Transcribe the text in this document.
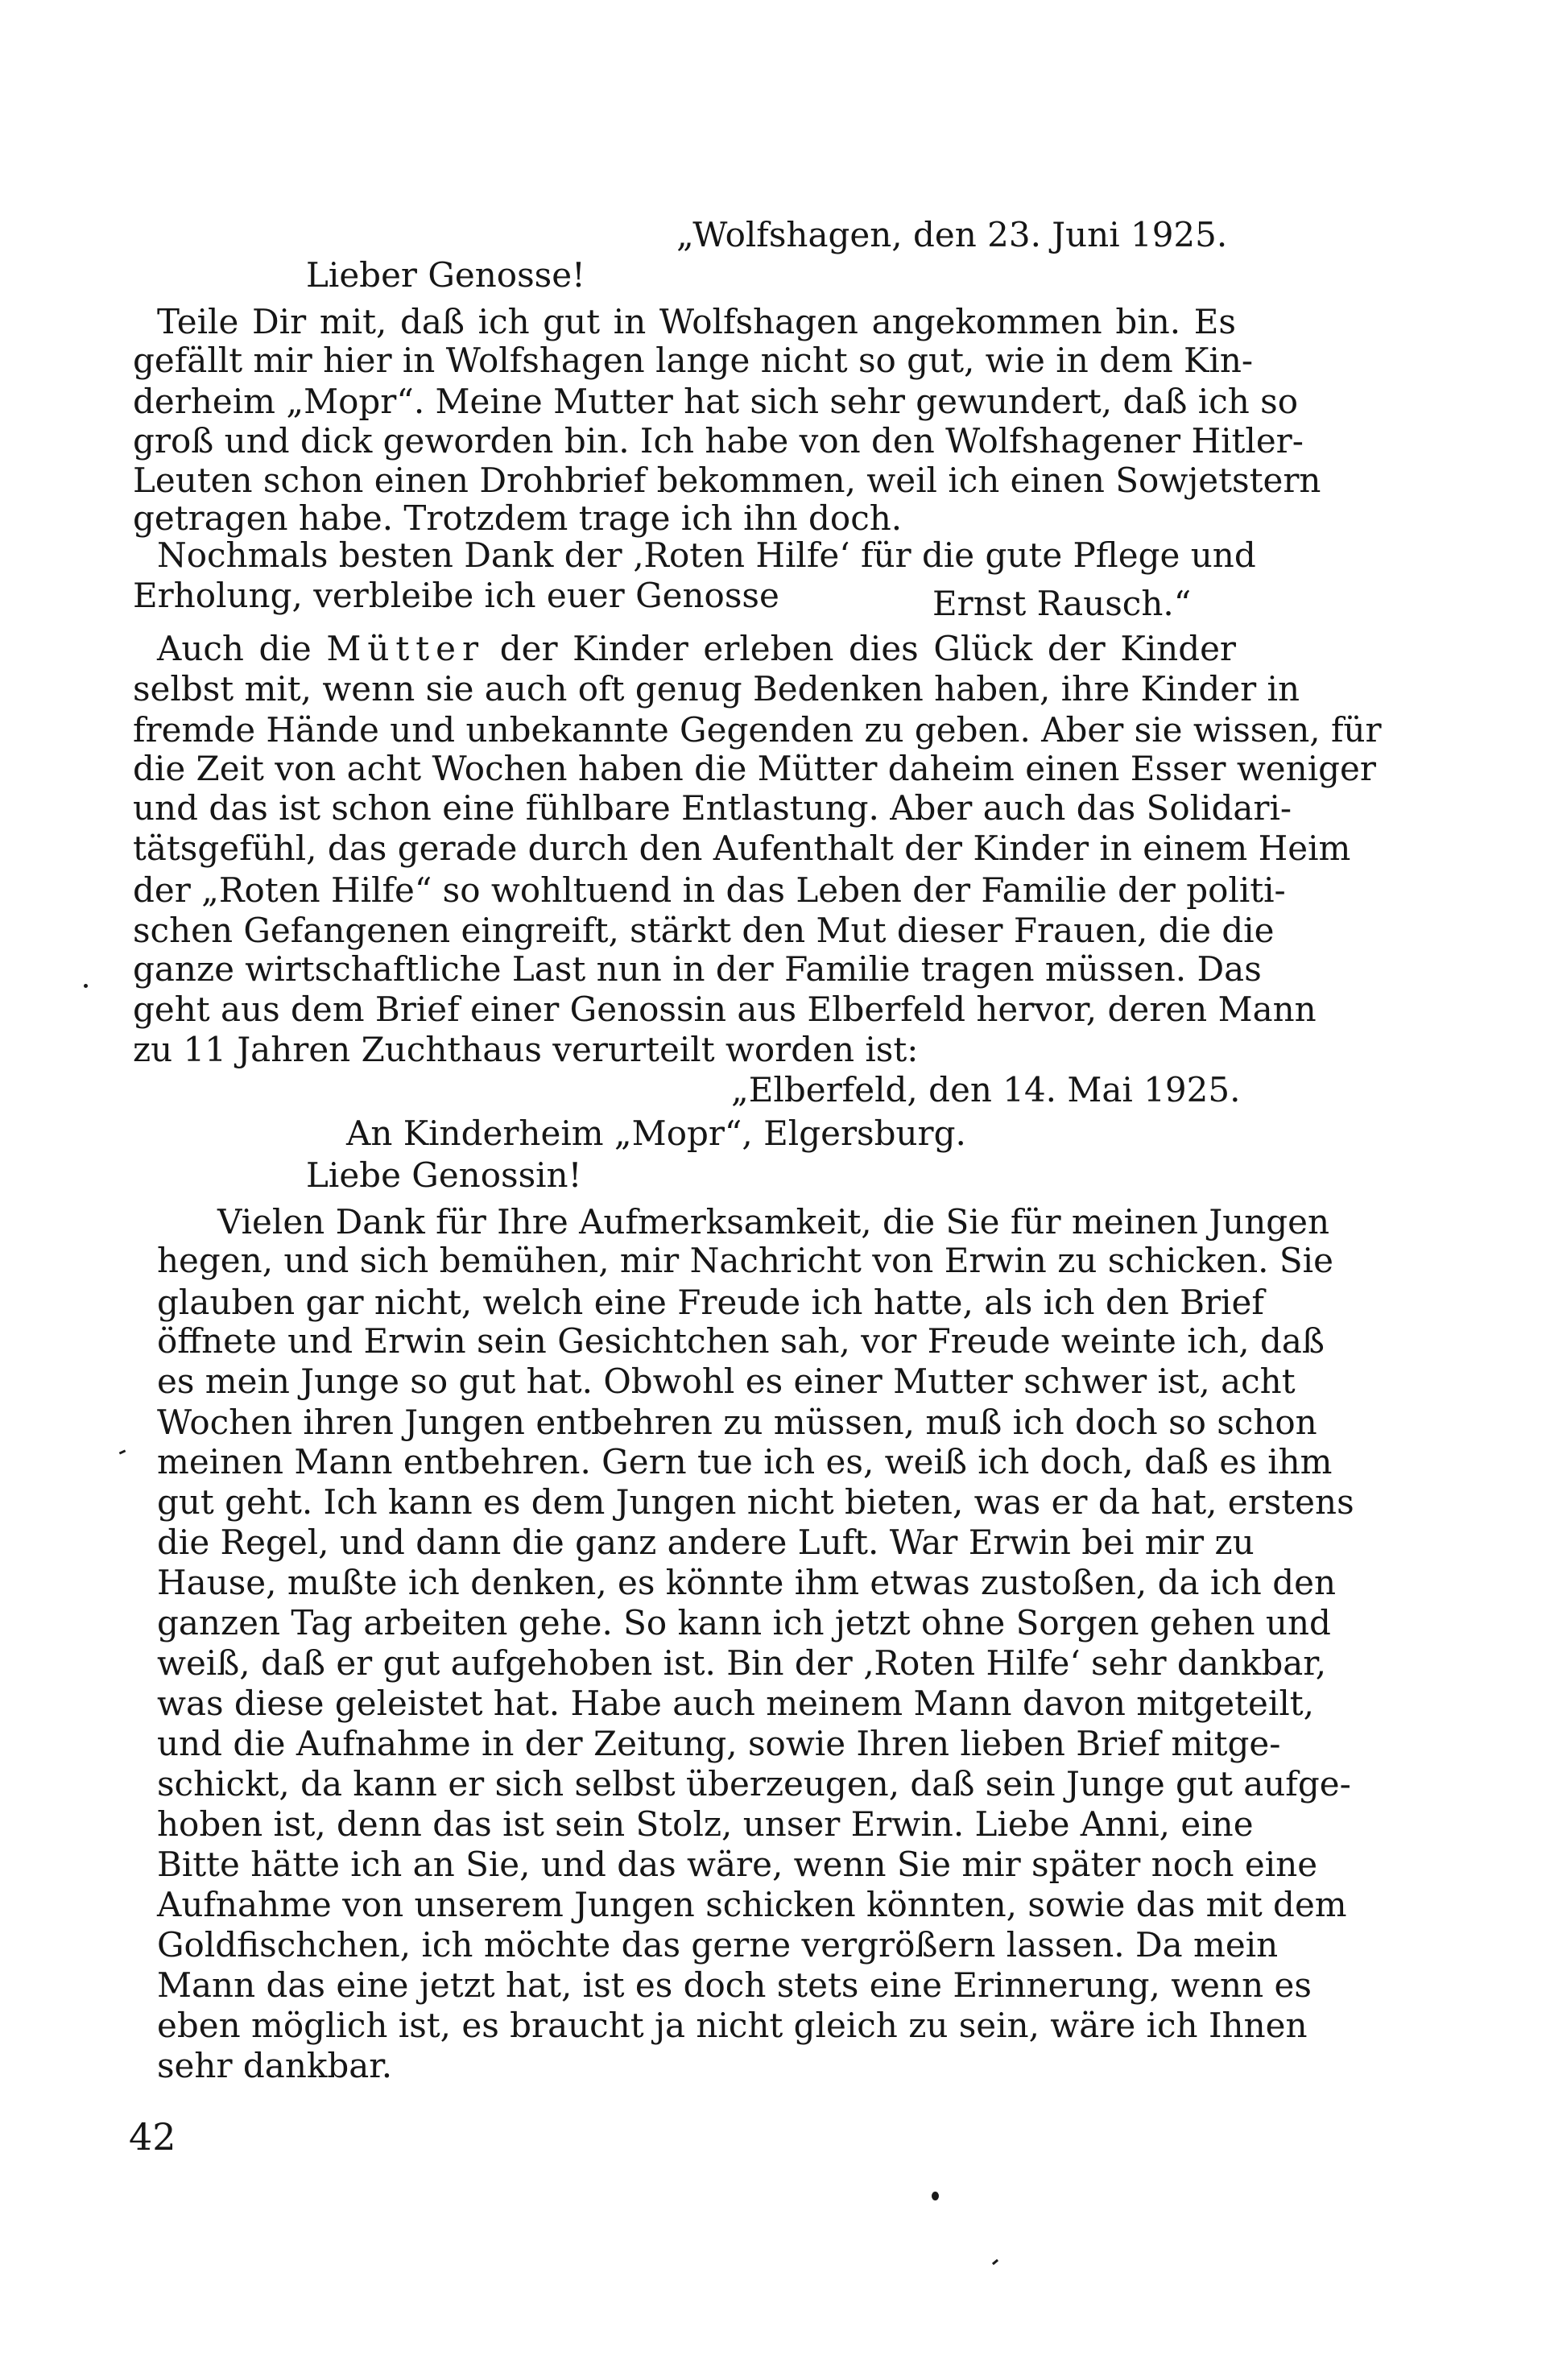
„Wolfshagen, den 23. Juni 1925.

Lieber Genosse!

Teile Dir mit, daß ich gut in Wolfshagen angekommen bin. Es

gefällt mir hier in Wolfshagen lange nicht so gut, wie in dem Kin-

derheim „Mopr“. Meine Mutter hat sich sehr gewundert, daß ich so

groß und dick geworden bin. Ich habe von den Wolfshagener Hitler-

Leuten schon einen Drohbrief bekommen, weil ich einen Sowjetstern

getragen habe. Trotzdem trage ich ihn doch.

Nochmals besten Dank der ‚Roten Hilfe‘ für die gute Pflege und

Erholung, verbleibe ich euer Genosse	Ernst Rausch.“

Auch die Mütter der Kinder erleben dies Glück der Kinder

selbst mit, wenn sie auch oft genug Bedenken haben, ihre Kinder in

fremde Hände und unbekannte Gegenden zu geben. Aber sie wissen, für

die Zeit von acht Wochen haben die Mütter daheim einen Esser weniger

und das ist schon eine fühlbare Entlastung. Aber auch das Solidari-

tätsgefühl, das gerade durch den Aufenthalt der Kinder in einem Heim

der „Roten Hilfe“ so wohltuend in das Leben der Familie der politi-

schen Gefangenen eingreift, stärkt den Mut dieser Frauen, die die

ganze wirtschaftliche Last nun in der Familie tragen müssen. Das

geht aus dem Brief einer Genossin aus Elberfeld hervor, deren Mann

zu 11 Jahren Zuchthaus verurteilt worden ist:

„Elberfeld, den 14. Mai 1925.

An Kinderheim „Mopr“, Elgersburg.

Liebe Genossin!

Vielen Dank für Ihre Aufmerksamkeit, die Sie für meinen Jungen

hegen, und sich bemühen, mir Nachricht von Erwin zu schicken. Sie

glauben gar nicht, welch eine Freude ich hatte, als ich den Brief

öffnete und Erwin sein Gesichtchen sah, vor Freude weinte ich, daß

es mein Junge so gut hat. Obwohl es einer Mutter schwer ist, acht

Wochen ihren Jungen entbehren zu müssen, muß ich doch so schon

meinen Mann entbehren. Gern tue ich es, weiß ich doch, daß es ihm

gut geht. Ich kann es dem Jungen nicht bieten, was er da hat, erstens

die Regel, und dann die ganz andere Luft. War Erwin bei mir zu

Hause, mußte ich denken, es könnte ihm etwas zustoßen, da ich den

ganzen Tag arbeiten gehe. So kann ich jetzt ohne Sorgen gehen und

weiß, daß er gut aufgehoben ist. Bin der ‚Roten Hilfe‘ sehr dankbar,

was diese geleistet hat. Habe auch meinem Mann davon mitgeteilt,

und die Aufnahme in der Zeitung, sowie Ihren lieben Brief mitge-

schickt, da kann er sich selbst überzeugen, daß sein Junge gut aufge-

hoben ist, denn das ist sein Stolz, unser Erwin. Liebe Anni, eine

Bitte hätte ich an Sie, und das wäre, wenn Sie mir später noch eine

Aufnahme von unserem Jungen schicken könnten, sowie das mit dem

Goldfischchen, ich möchte das gerne vergrößern lassen. Da mein

Mann das eine jetzt hat, ist es doch stets eine Erinnerung, wenn es

eben möglich ist, es braucht ja nicht gleich zu sein, wäre ich Ihnen

sehr dankbar.

42
